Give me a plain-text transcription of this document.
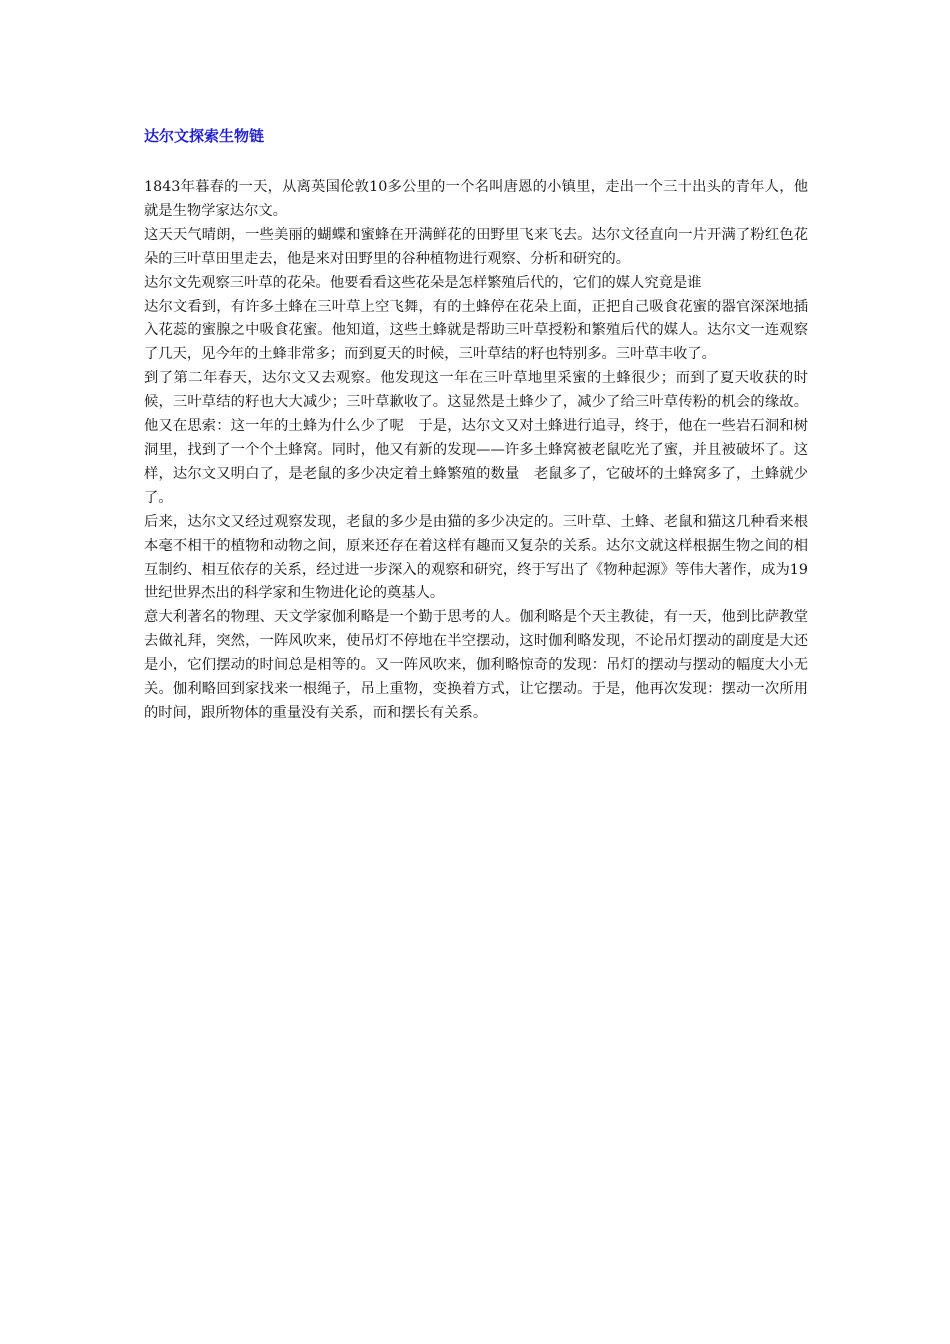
达尔文探索生物链

1843年暮春的一天，从离英国伦敦10多公里的一个名叫唐恩的小镇里，走出一个三十出头的青年人，他就是生物学家达尔文。

这天天气晴朗，一些美丽的蝴蝶和蜜蜂在开满鲜花的田野里飞来飞去。达尔文径直向一片开满了粉红色花朵的三叶草田里走去，他是来对田野里的谷种植物进行观察、分析和研究的。

达尔文先观察三叶草的花朵。他要看看这些花朵是怎样繁殖后代的，它们的媒人究竟是谁

达尔文看到，有许多土蜂在三叶草上空飞舞，有的土蜂停在花朵上面，正把自己吸食花蜜的器官深深地插入花蕊的蜜腺之中吸食花蜜。他知道，这些土蜂就是帮助三叶草授粉和繁殖后代的媒人。达尔文一连观察了几天，见今年的土蜂非常多；而到夏天的时候，三叶草结的籽也特别多。三叶草丰收了。

到了第二年春天，达尔文又去观察。他发现这一年在三叶草地里采蜜的土蜂很少；而到了夏天收获的时候，三叶草结的籽也大大减少；三叶草歉收了。这显然是土蜂少了，减少了给三叶草传粉的机会的缘故。他又在思索：这一年的土蜂为什么少了呢　于是，达尔文又对土蜂进行追寻，终于，他在一些岩石洞和树洞里，找到了一个个土蜂窝。同时，他又有新的发现——许多土蜂窝被老鼠吃光了蜜，并且被破坏了。这样，达尔文又明白了，是老鼠的多少决定着土蜂繁殖的数量　老鼠多了，它破坏的土蜂窝多了，土蜂就少了。

后来，达尔文又经过观察发现，老鼠的多少是由猫的多少决定的。三叶草、土蜂、老鼠和猫这几种看来根本毫不相干的植物和动物之间，原来还存在着这样有趣而又复杂的关系。达尔文就这样根据生物之间的相互制约、相互依存的关系，经过进一步深入的观察和研究，终于写出了《物种起源》等伟大著作，成为19世纪世界杰出的科学家和生物进化论的奠基人。

意大利著名的物理、天文学家伽利略是一个勤于思考的人。伽利略是个天主教徒，有一天，他到比萨教堂去做礼拜，突然，一阵风吹来，使吊灯不停地在半空摆动，这时伽利略发现，不论吊灯摆动的副度是大还是小，它们摆动的时间总是相等的。又一阵风吹来，伽利略惊奇的发现：吊灯的摆动与摆动的幅度大小无关。伽利略回到家找来一根绳子，吊上重物，变换着方式，让它摆动。于是，他再次发现：摆动一次所用的时间，跟所物体的重量没有关系，而和摆长有关系。
